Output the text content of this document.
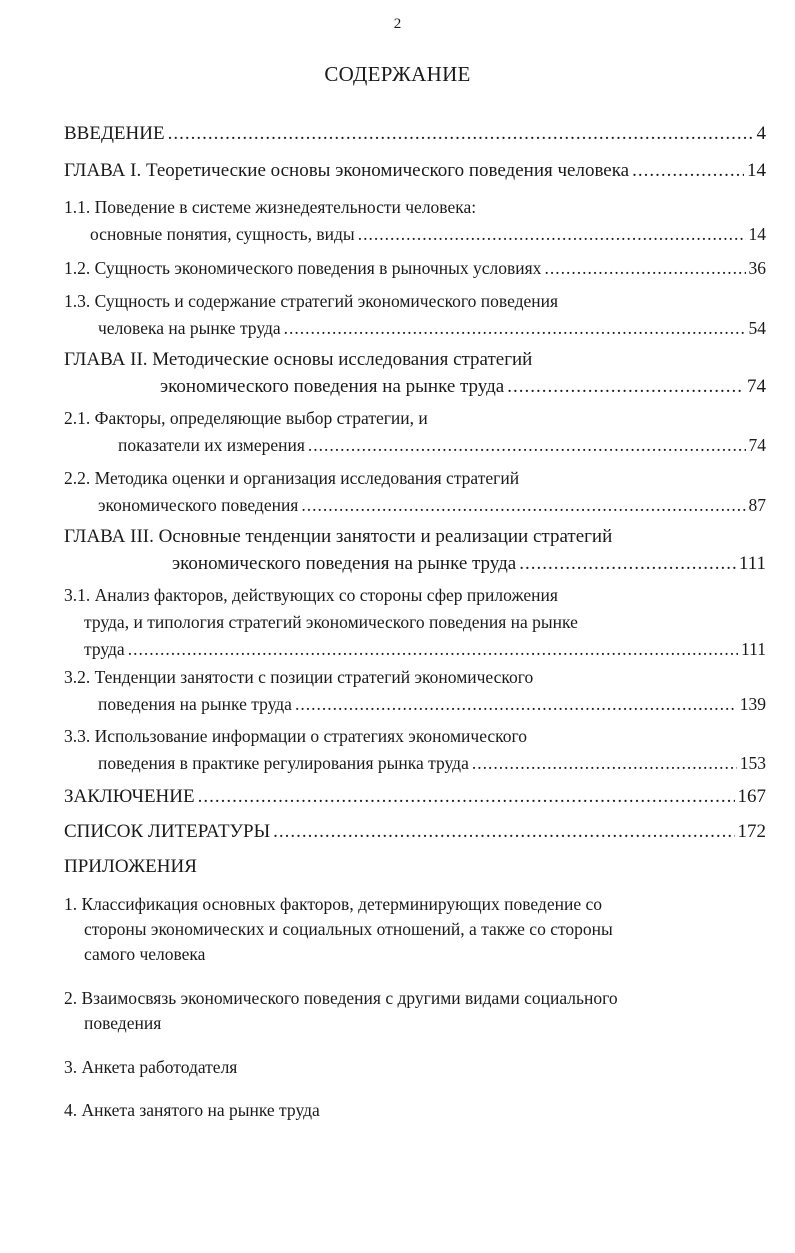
2
СОДЕРЖАНИЕ
ВВЕДЕНИЕ .....	4
ГЛАВА I. Теоретические основы экономического поведения человека .....	14
1.1. Поведение в системе жизнедеятельности человека:
основные понятия, сущность, виды .....	14
1.2. Сущность экономического поведения в рыночных условиях .....	36
1.3. Сущность и содержание стратегий экономического поведения
человека на рынке труда .....	54
ГЛАВА II. Методические основы исследования стратегий
экономического поведения на рынке труда .....	74
2.1. Факторы, определяющие выбор стратегии, и
показатели их измерения .....	74
2.2. Методика оценки и организация исследования стратегий
экономического поведения .....	87
ГЛАВА III. Основные тенденции занятости и реализации стратегий
экономического поведения на рынке труда .....	111
3.1. Анализ факторов, действующих со стороны сфер приложения
труда, и типология стратегий экономического поведения на рынке
труда .....	111
3.2. Тенденции занятости с позиции стратегий экономического
поведения на рынке труда .....	139
3.3. Использование информации о стратегиях экономического
поведения в практике регулирования рынка труда .....	153
ЗАКЛЮЧЕНИЕ .....	167
СПИСОК ЛИТЕРАТУРЫ .....	172
ПРИЛОЖЕНИЯ
1. Классификация основных факторов, детерминирующих поведение со
стороны экономических и социальных отношений, а также со стороны
самого человека
2. Взаимосвязь экономического поведения с другими видами социального
поведения
3. Анкета работодателя
4. Анкета занятого на рынке труда
